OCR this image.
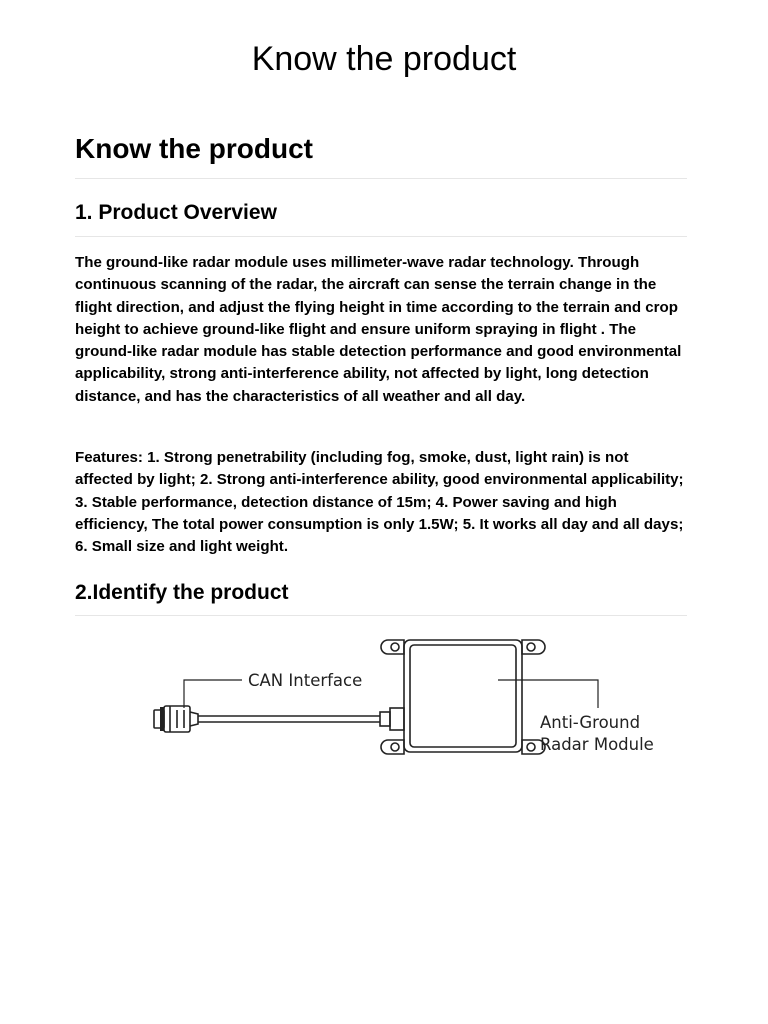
Know the product
Know the product
1. Product Overview

The ground-like radar module uses millimeter-wave radar technology. Through continuous scanning of the radar, the aircraft can sense the terrain change in the flight direction, and adjust the flying height in time according to the terrain and crop height to achieve ground-like flight and ensure uniform spraying in flight . The ground-like radar module has stable detection performance and good environmental applicability, strong anti-interference ability, not affected by light, long detection distance, and has the characteristics of all weather and all day.

Features: 1. Strong penetrability (including fog, smoke, dust, light rain) is not affected by light; 2. Strong anti-interference ability, good environmental applicability; 3. Stable performance, detection distance of 15m; 4. Power saving and high efficiency, The total power consumption is only 1.5W; 5. It works all day and all days; 6. Small size and light weight.

2.Identify the product
CAN Interface
Anti-Ground
Radar Module
